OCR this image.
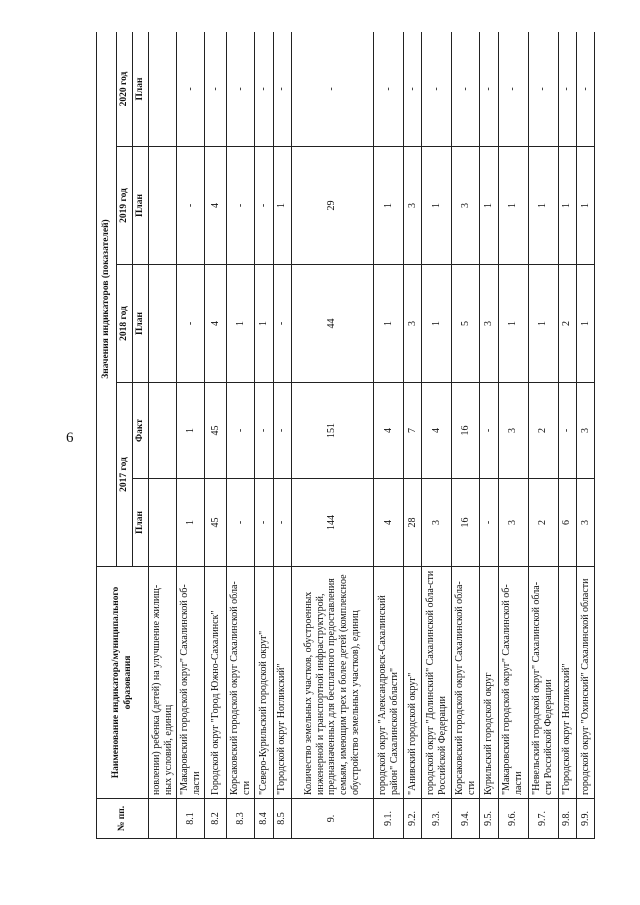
6
№ пп.	Наименование индикатора/муниципального образования	Значения индикаторов (показателей)				
		2017 год		2018 год	2019 год	2020 год
		План	Факт	План	План	План
	новлении) ребенка (детей) на улучшение жилищ-ных условий, единиц					
8.1	"Макаровский городской округ" Сахалинской об-ласти	1	1	-	-	-
8.2	Городской округ "Город Южно-Сахалинск"	45	45	4	4	-
8.3	Корсаковский городской округ Сахалинской обла-сти	-	-	1	-	-
8.4	"Северо-Курильский городской округ"	-	-	1	-	-
8.5	"Городской округ Ногликский"	-	-	-	1	-
9.	Количество земельных участков, обустроенных инженерной и транспортной инфраструктурой, предназначенных для бесплатного предоставления семьям, имеющим трех и более детей (комплексное обустройство земельных участков), единиц	144	151	44	29	-
9.1.	городской округ "Александровск-Сахалинский район" Сахалинской области"	4	4	1	1	-
9.2.	"Анивский городской округ"	28	7	3	3	-
9.3.	городской округ "Долинский" Сахалинской обла-сти Российской Федерации	3	4	1	1	-
9.4.	Корсаковский городской округ Сахалинской обла-сти	16	16	5	3	-
9.5.	Курильский городской округ	-	-	3	1	-
9.6.	"Макаровский городской округ" Сахалинской об-ласти	3	3	1	1	-
9.7.	"Невельский городской округ" Сахалинской обла-сти Российской Федерации	2	2	1	1	-
9.8.	"Городской округ Ногликский"	6	-	2	1	-
9.9.	городской округ "Охинский" Сахалинской области	3	3	1	1	-
